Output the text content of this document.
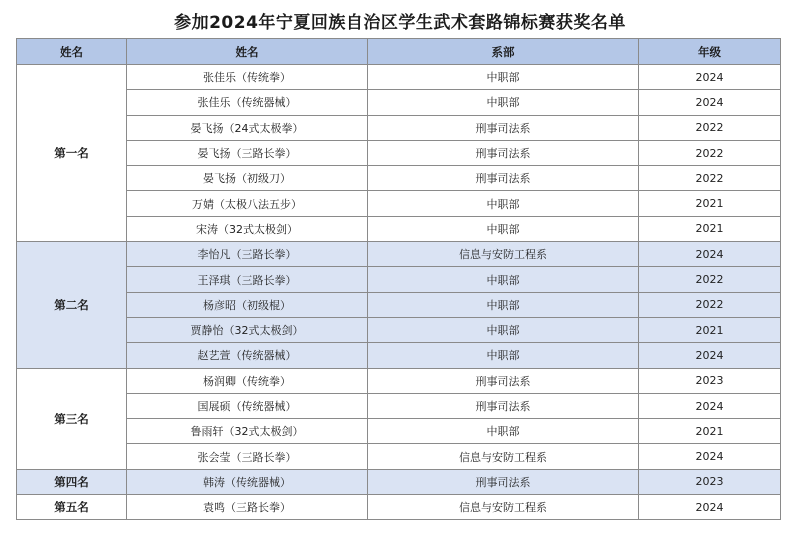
参加2024年宁夏回族自治区学生武术套路锦标赛获奖名单
姓名	姓名	系部	年级
第一名	张佳乐（传统拳）	中职部	2024
	张佳乐（传统器械）	中职部	2024
	晏飞扬（24式太极拳）	刑事司法系	2022
	晏飞扬（三路长拳）	刑事司法系	2022
	晏飞扬（初级刀）	刑事司法系	2022
	万婧（太极八法五步）	中职部	2021
	宋涛（32式太极剑）	中职部	2021
第二名	李怡凡（三路长拳）	信息与安防工程系	2024
	王泽琪（三路长拳）	中职部	2022
	杨彦昭（初级棍）	中职部	2022
	贾静怡（32式太极剑）	中职部	2021
	赵艺萱（传统器械）	中职部	2024
第三名	杨润卿（传统拳）	刑事司法系	2023
	国展硕（传统器械）	刑事司法系	2024
	鲁雨轩（32式太极剑）	中职部	2021
	张会莹（三路长拳）	信息与安防工程系	2024
第四名	韩涛（传统器械）	刑事司法系	2023
第五名	袁鸣（三路长拳）	信息与安防工程系	2024
